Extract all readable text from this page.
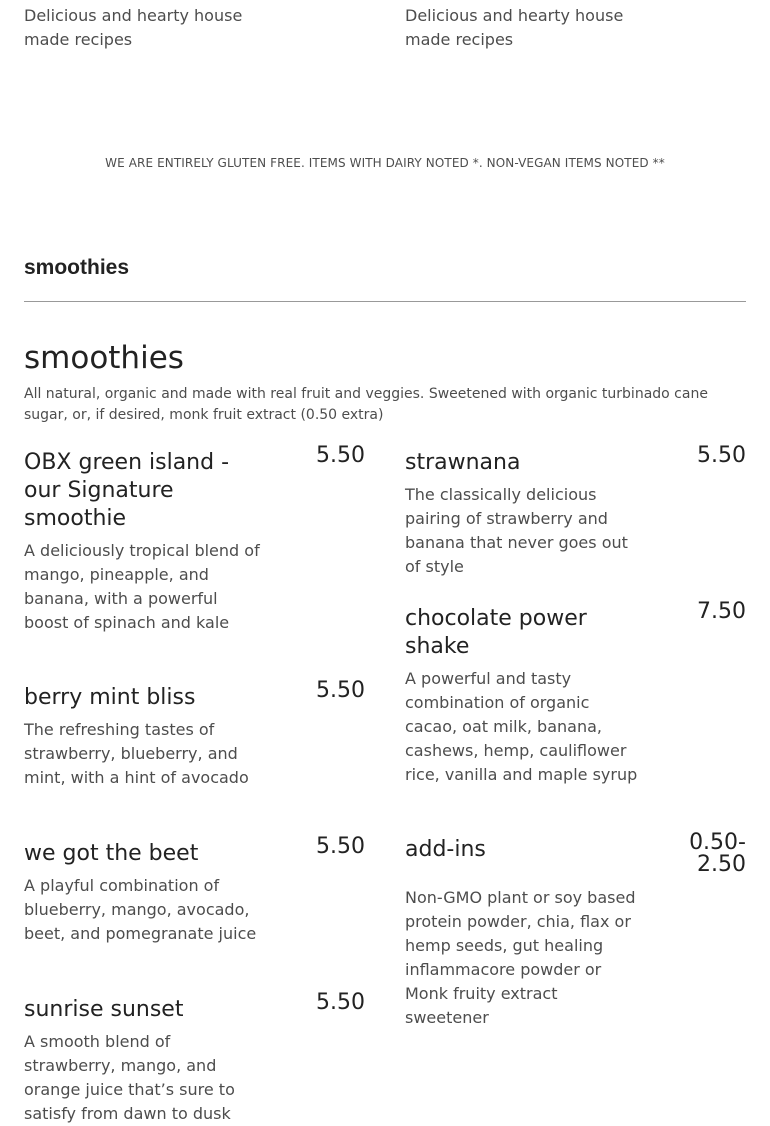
Delicious and hearty house made recipes
Delicious and hearty house made recipes
WE ARE ENTIRELY GLUTEN FREE. ITEMS WITH DAIRY NOTED *. NON-VEGAN ITEMS NOTED **
smoothies
smoothies
All natural, organic and made with real fruit and veggies. Sweetened with organic turbinado cane sugar, or, if desired, monk fruit extract (0.50 extra)
OBX green island - our Signature smoothie
5.50
A deliciously tropical blend of mango, pineapple, and banana, with a powerful boost of spinach and kale
berry mint bliss	5.50
The refreshing tastes of strawberry, blueberry, and mint, with a hint of avocado
we got the beet	5.50
A playful combination of blueberry, mango, avocado, beet, and pomegranate juice
sunrise sunset	5.50
A smooth blend of strawberry, mango, and orange juice that’s sure to satisfy from dawn to dusk
strawnana	5.50
The classically delicious pairing of strawberry and banana that never goes out of style
chocolate power shake
7.50
A powerful and tasty combination of organic cacao, oat milk, banana, cashews, hemp, cauliflower rice, vanilla and maple syrup
add-ins	0.50-2.50
Non-GMO plant or soy based protein powder, chia, flax or hemp seeds, gut healing inflammacore powder or Monk fruity extract sweetener
